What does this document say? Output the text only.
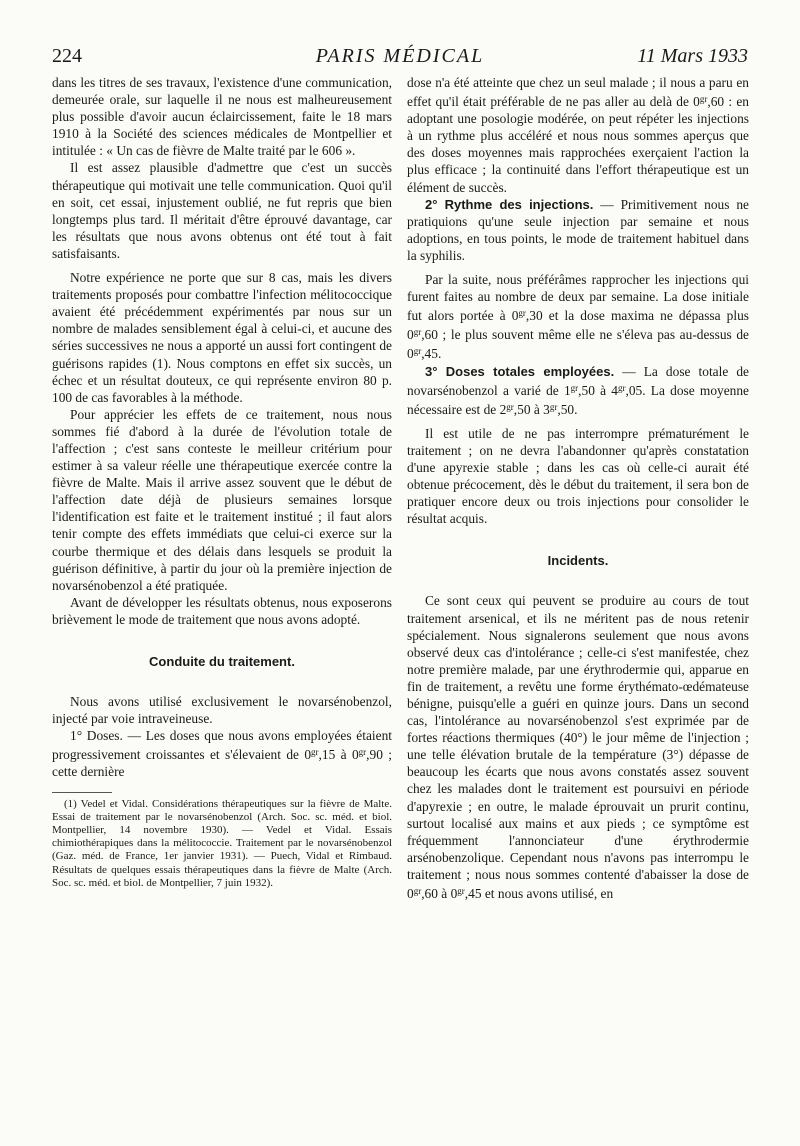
224	PARIS MÉDICAL	11 Mars 1933

dans les titres de ses travaux, l'existence d'une communication, demeurée orale, sur laquelle il ne nous est malheureusement plus possible d'avoir aucun éclaircissement, faite le 18 mars 1910 à la Société des sciences médicales de Montpellier et intitulée : « Un cas de fièvre de Malte traité par le 606 ».

Il est assez plausible d'admettre que c'est un succès thérapeutique qui motivait une telle communication. Quoi qu'il en soit, cet essai, injustement oublié, ne fut repris que bien longtemps plus tard. Il méritait d'être éprouvé davantage, car les résultats que nous avons obtenus ont été tout à fait satisfaisants.

Notre expérience ne porte que sur 8 cas, mais les divers traitements proposés pour combattre l'infection mélitococcique avaient été précédemment expérimentés par nous sur un nombre de malades sensiblement égal à celui-ci, et aucune des séries successives ne nous a apporté un aussi fort contingent de guérisons rapides (1). Nous comptons en effet six succès, un échec et un résultat douteux, ce qui représente environ 80 p. 100 de cas favorables à la méthode.

Pour apprécier les effets de ce traitement, nous nous sommes fié d'abord à la durée de l'évolution totale de l'affection ; c'est sans conteste le meilleur critérium pour estimer à sa valeur réelle une thérapeutique exercée contre la fièvre de Malte. Mais il arrive assez souvent que le début de l'affection date déjà de plusieurs semaines lorsque l'identification est faite et le traitement institué ; il faut alors tenir compte des effets immédiats que celui-ci exerce sur la courbe thermique et des délais dans lesquels se produit la guérison définitive, à partir du jour où la première injection de novarsénobenzol a été pratiquée.

Avant de développer les résultats obtenus, nous exposerons brièvement le mode de traitement que nous avons adopté.

Conduite du traitement.

Nous avons utilisé exclusivement le novarsénobenzol, injecté par voie intraveineuse.

1° Doses. — Les doses que nous avons employées étaient progressivement croissantes et s'élevaient de $0^{gr},15$ à $0^{gr},90$ ; cette dernière

(1) Vedel et Vidal. Considérations thérapeutiques sur la fièvre de Malte. Essai de traitement par le novarsénobenzol (Arch. Soc. sc. méd. et biol. Montpellier, 14 novembre 1930). — Vedel et Vidal. Essais chimiothérapiques dans la mélitococcie. Traitement par le novarsénobenzol (Gaz. méd. de France, 1er janvier 1931). — Puech, Vidal et Rimbaud. Résultats de quelques essais thérapeutiques dans la fièvre de Malte (Arch. Soc. sc. méd. et biol. de Montpellier, 7 juin 1932).

dose n'a été atteinte que chez un seul malade ; il nous a paru en effet qu'il était préférable de ne pas aller au delà de $0^{gr},60$ : en adoptant une posologie modérée, on peut répéter les injections à un rythme plus accéléré et nous nous sommes aperçus que des doses moyennes mais rapprochées exerçaient l'action la plus efficace ; la continuité dans l'effort thérapeutique est un élément de succès.

2° Rythme des injections. — Primitivement nous ne pratiquions qu'une seule injection par semaine et nous adoptions, en tous points, le mode de traitement habituel dans la syphilis.

Par la suite, nous préférâmes rapprocher les injections qui furent faites au nombre de deux par semaine. La dose initiale fut alors portée à $0^{gr},30$ et la dose maxima ne dépassa plus $0^{gr},60$ ; le plus souvent même elle ne s'éleva pas au-dessus de $0^{gr},45$.

3° Doses totales employées. — La dose totale de novarsénobenzol a varié de $1^{gr},50$ à $4^{gr},05$. La dose moyenne nécessaire est de $2^{gr},50$ à $3^{gr},50$.

Il est utile de ne pas interrompre prématurément le traitement ; on ne devra l'abandonner qu'après constatation d'une apyrexie stable ; dans les cas où celle-ci aurait été obtenue précocement, dès le début du traitement, il sera bon de pratiquer encore deux ou trois injections pour consolider le résultat acquis.

Incidents.

Ce sont ceux qui peuvent se produire au cours de tout traitement arsenical, et ils ne méritent pas de nous retenir spécialement. Nous signalerons seulement que nous avons observé deux cas d'intolérance ; celle-ci s'est manifestée, chez notre première malade, par une érythrodermie qui, apparue en fin de traitement, a revêtu une forme érythémato-œdémateuse bénigne, puisqu'elle a guéri en quinze jours. Dans un second cas, l'intolérance au novarsénobenzol s'est exprimée par de fortes réactions thermiques (40°) le jour même de l'injection ; une telle élévation brutale de la température (3°) dépasse de beaucoup les écarts que nous avons constatés assez souvent chez les malades dont le traitement est poursuivi en période d'apyrexie ; en outre, le malade éprouvait un prurit continu, surtout localisé aux mains et aux pieds ; ce symptôme est fréquemment l'annonciateur d'une érythrodermie arsénobenzolique. Cependant nous n'avons pas interrompu le traitement ; nous nous sommes contenté d'abaisser la dose de $0^{gr},60$ à $0^{gr},45$ et nous avons utilisé, en
